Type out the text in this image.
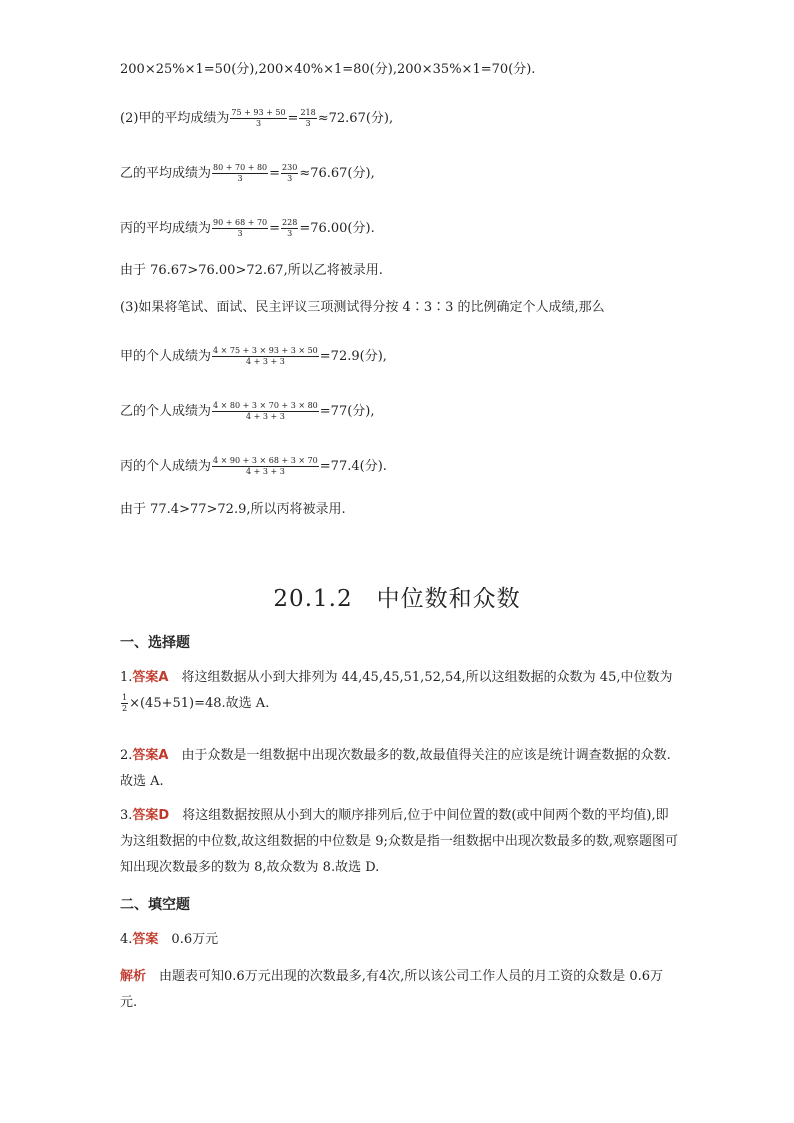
200×25%×1=50(分),200×40%×1=80(分),200×35%×1=70(分).
(2)甲的平均成绩为 $\frac{75 + 93 + 50}{3} = \frac{218}{3} \approx 72.67$(分),
乙的平均成绩为 $\frac{80 + 70 + 80}{3} = \frac{230}{3} \approx 76.67$(分),
丙的平均成绩为 $\frac{90 + 68 + 70}{3} = \frac{228}{3} =76.00$(分).
由于 76.67>76.00>72.67,所以乙将被录用.
(3)如果将笔试、面试、民主评议三项测试得分按 4∶3∶3 的比例确定个人成绩,那么
甲的个人成绩为 $\frac{4 \times 75 + 3 \times 93 + 3 \times 50}{4 + 3 + 3} =72.9$(分),
乙的个人成绩为 $\frac{4 \times 80 + 3 \times 70 + 3 \times 80}{4 + 3 + 3} =77$(分),
丙的个人成绩为 $\frac{4 \times 90 + 3 \times 68 + 3 \times 70}{4 + 3 + 3} =77.4$(分).
由于 77.4>77>72.9,所以丙将被录用.
20.1.2　中位数和众数
一、选择题
1.答案A　将这组数据从小到大排列为 44,45,45,51,52,54,所以这组数据的众数为 45,中位数为
$\frac{1}{2} \times(45+51)=48$.故选 A.
2.答案A　由于众数是一组数据中出现次数最多的数,故最值得关注的应该是统计调查数据的众数.故选 A.
3.答案D　将这组数据按照从小到大的顺序排列后,位于中间位置的数(或中间两个数的平均值),即为这组数据的中位数,故这组数据的中位数是 9;众数是指一组数据中出现次数最多的数,观察题图可知出现次数最多的数为 8,故众数为 8.故选 D.
二、填空题
4.答案　0.6万元
解析　由题表可知0.6万元出现的次数最多,有4次,所以该公司工作人员的月工资的众数是 0.6万元.
